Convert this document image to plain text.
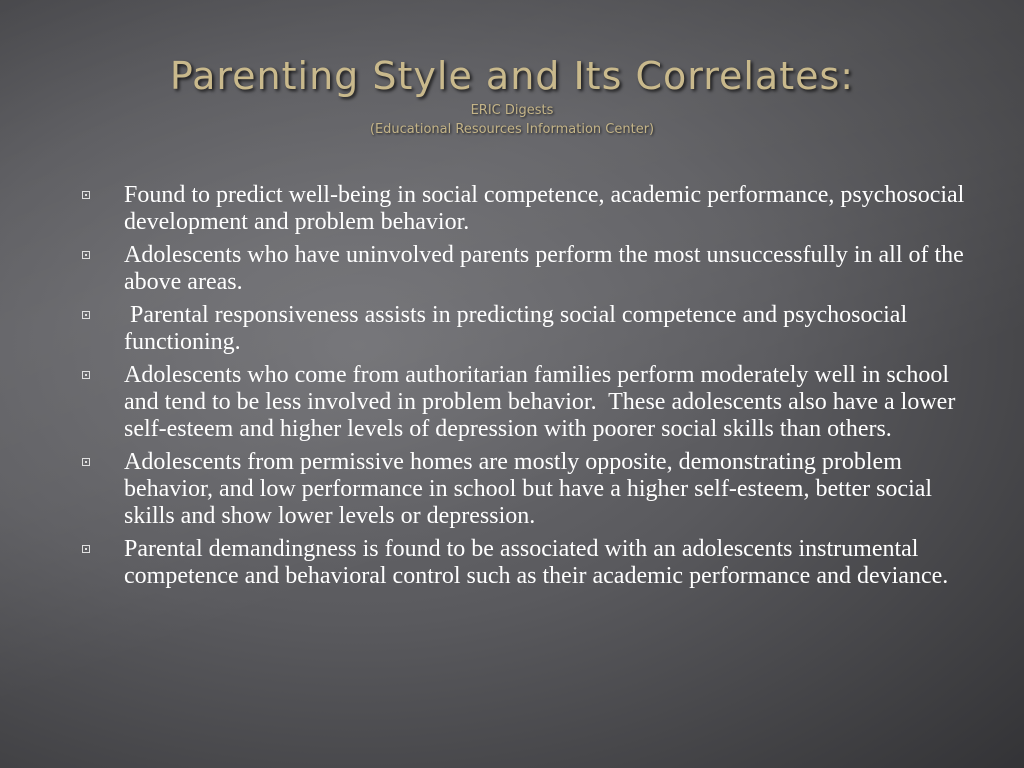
Parenting Style and Its Correlates:
ERIC Digests
(Educational Resources Information Center)
Found to predict well-being in social competence, academic performance, psychosocial development and problem behavior.
Adolescents who have uninvolved parents perform the most unsuccessfully in all of the above areas.
Parental responsiveness assists in predicting social competence and psychosocial functioning.
Adolescents who come from authoritarian families perform moderately well in school and tend to be less involved in problem behavior.  These adolescents also have a lower self-esteem and higher levels of depression with poorer social skills than others.
Adolescents from permissive homes are mostly opposite, demonstrating problem behavior, and low performance in school but have a higher self-esteem, better social skills and show lower levels or depression.
Parental demandingness is found to be associated with an adolescents instrumental competence and behavioral control such as their academic performance and deviance.
